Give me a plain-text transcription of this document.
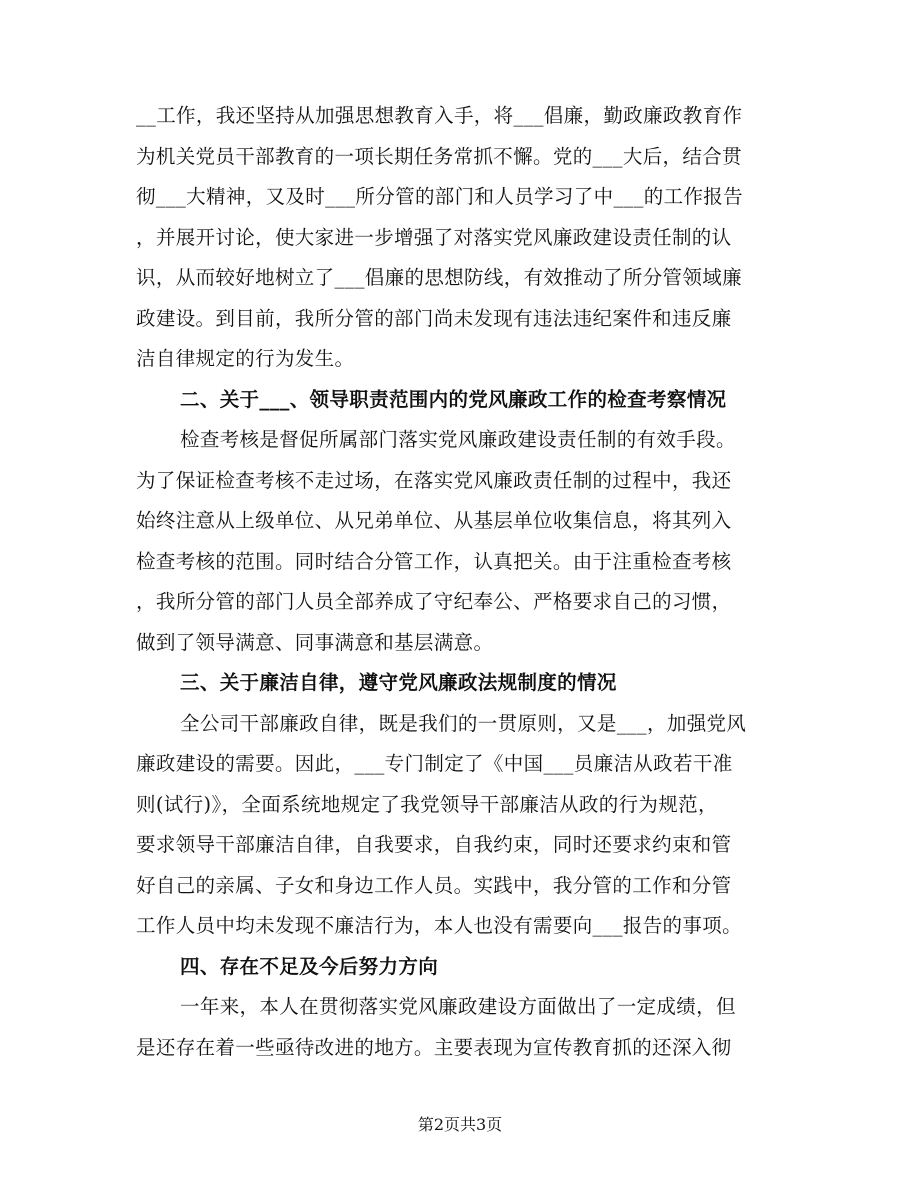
__工作，我还坚持从加强思想教育入手，将___倡廉，勤政廉政教育作
为机关党员干部教育的一项长期任务常抓不懈。党的___大后，结合贯
彻___大精神，又及时___所分管的部门和人员学习了中___的工作报告
，并展开讨论，使大家进一步增强了对落实党风廉政建设责任制的认
识，从而较好地树立了___倡廉的思想防线，有效推动了所分管领域廉
政建设。到目前，我所分管的部门尚未发现有违法违纪案件和违反廉
洁自律规定的行为发生。
二、关于___、领导职责范围内的党风廉政工作的检查考察情况
检查考核是督促所属部门落实党风廉政建设责任制的有效手段。
为了保证检查考核不走过场，在落实党风廉政责任制的过程中，我还
始终注意从上级单位、从兄弟单位、从基层单位收集信息，将其列入
检查考核的范围。同时结合分管工作，认真把关。由于注重检查考核
，我所分管的部门人员全部养成了守纪奉公、严格要求自己的习惯，
做到了领导满意、同事满意和基层满意。
三、关于廉洁自律，遵守党风廉政法规制度的情况
全公司干部廉政自律，既是我们的一贯原则，又是___，加强党风
廉政建设的需要。因此，___专门制定了《中国___员廉洁从政若干准
则(试行)》，全面系统地规定了我党领导干部廉洁从政的行为规范，
要求领导干部廉洁自律，自我要求，自我约束，同时还要求约束和管
好自己的亲属、子女和身边工作人员。实践中，我分管的工作和分管
工作人员中均未发现不廉洁行为，本人也没有需要向___报告的事项。
四、存在不足及今后努力方向
一年来，本人在贯彻落实党风廉政建设方面做出了一定成绩，但
是还存在着一些亟待改进的地方。主要表现为宣传教育抓的还深入彻
第2页共3页
